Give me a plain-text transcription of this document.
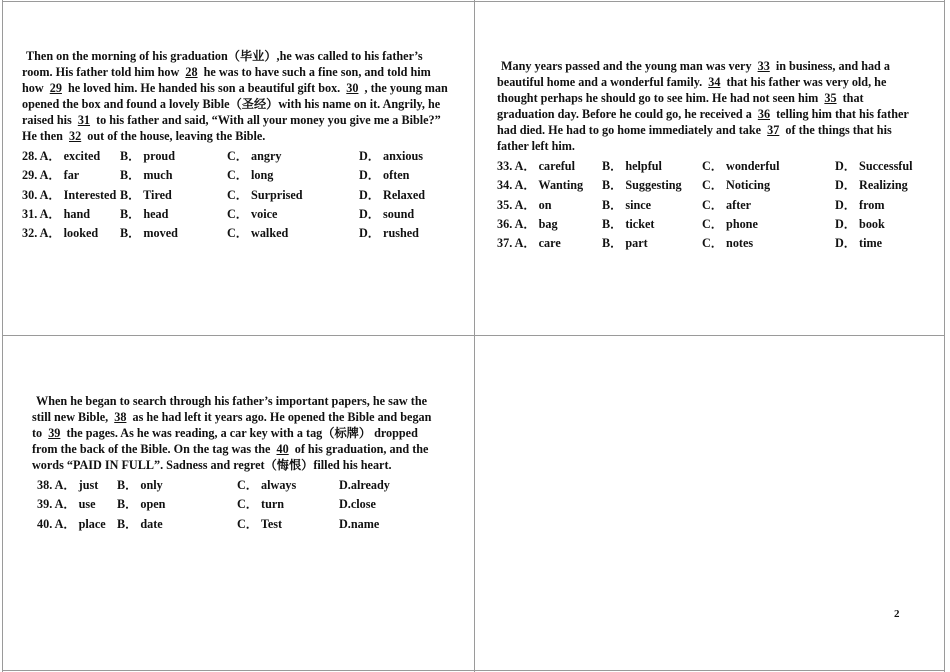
Then on the morning of his graduation（毕业）,he was called to his father’s room. His father told him how 28 he was to have such a fine son, and told him how 29 he loved him. He handed his son a beautiful gift box. 30 , the young man opened the box and found a lovely Bible（圣经）with his name on it. Angrily, he raised his 31 to his father and said, “With all your money you give me a Bible?” He then 32 out of the house, leaving the Bible.

28. A． excited B． proud	C． angry	D． anxious
29. A． far	B． much	C． long	D． often
30. A． Interested B． Tired	C． Surprised	D． Relaxed
31. A． hand B． head	C． voice	D． sound
32. A． looked B． moved	C． walked	D． rushed

Many years passed and the young man was very 33 in business, and had a beautiful home and a wonderful family. 34 that his father was very old, he thought perhaps he should go to see him. He had not seen him 35 that graduation day. Before he could go, he received a 36 telling him that his father had died. He had to go home immediately and take 37 of the things that his father left him.

33. A． careful B． helpful	C． wonderful	D． Successful
34. A． Wanting B． Suggesting C． Noticing	D． Realizing
35. A． on	B． since	C． after	D． from
36. A． bag	B． ticket	C． phone	D． book
37. A． care	B． part	C． notes	D． time

When he began to search through his father’s important papers, he saw the still new Bible, 38 as he had left it years ago. He opened the Bible and began to 39 the pages. As he was reading, a car key with a tag（标牌） dropped from the back of the Bible. On the tag was the 40 of his graduation, and the words “PAID IN FULL”. Sadness and regret（悔恨）filled his heart.

38. A． just B． only	C． always	D.already
39. A． use B． open	C． turn	D.close
40. A． place B． date	C． Test	D.name
2
